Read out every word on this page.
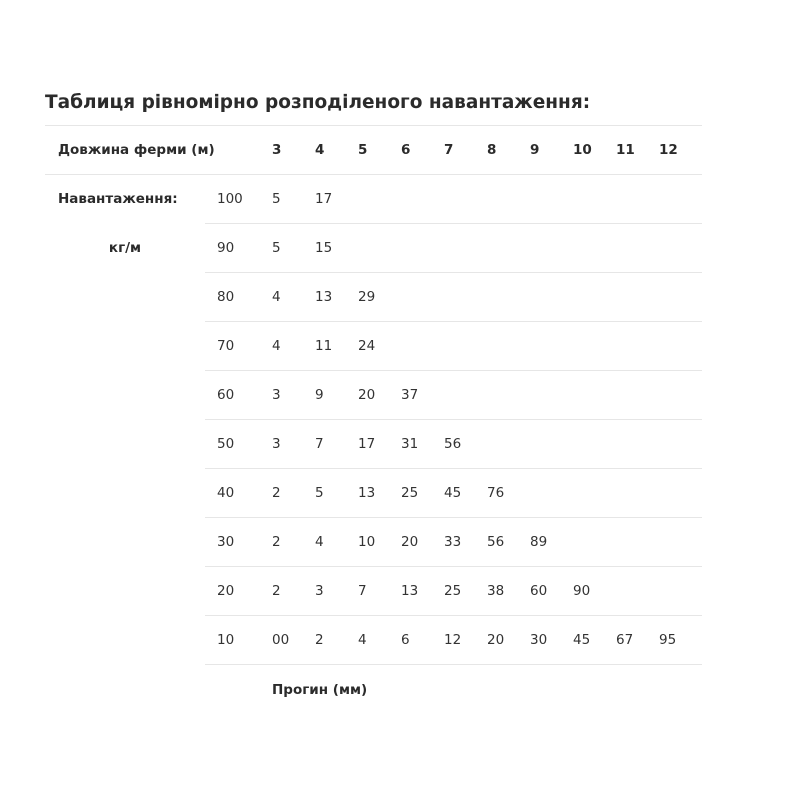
Таблиця рівномірно розподіленого навантаження:
Довжина ферми (м)		3	4	5	6	7	8	9	10	11	12
Навантаження:	100	5	17								
кг/м	90	5	15								
	80	4	13	29							
	70	4	11	24							
	60	3	9	20	37						
	50	3	7	17	31	56					
	40	2	5	13	25	45	76				
	30	2	4	10	20	33	56	89			
	20	2	3	7	13	25	38	60	90		
	10	00	2	4	6	12	20	30	45	67	95
		Прогин (мм)									
